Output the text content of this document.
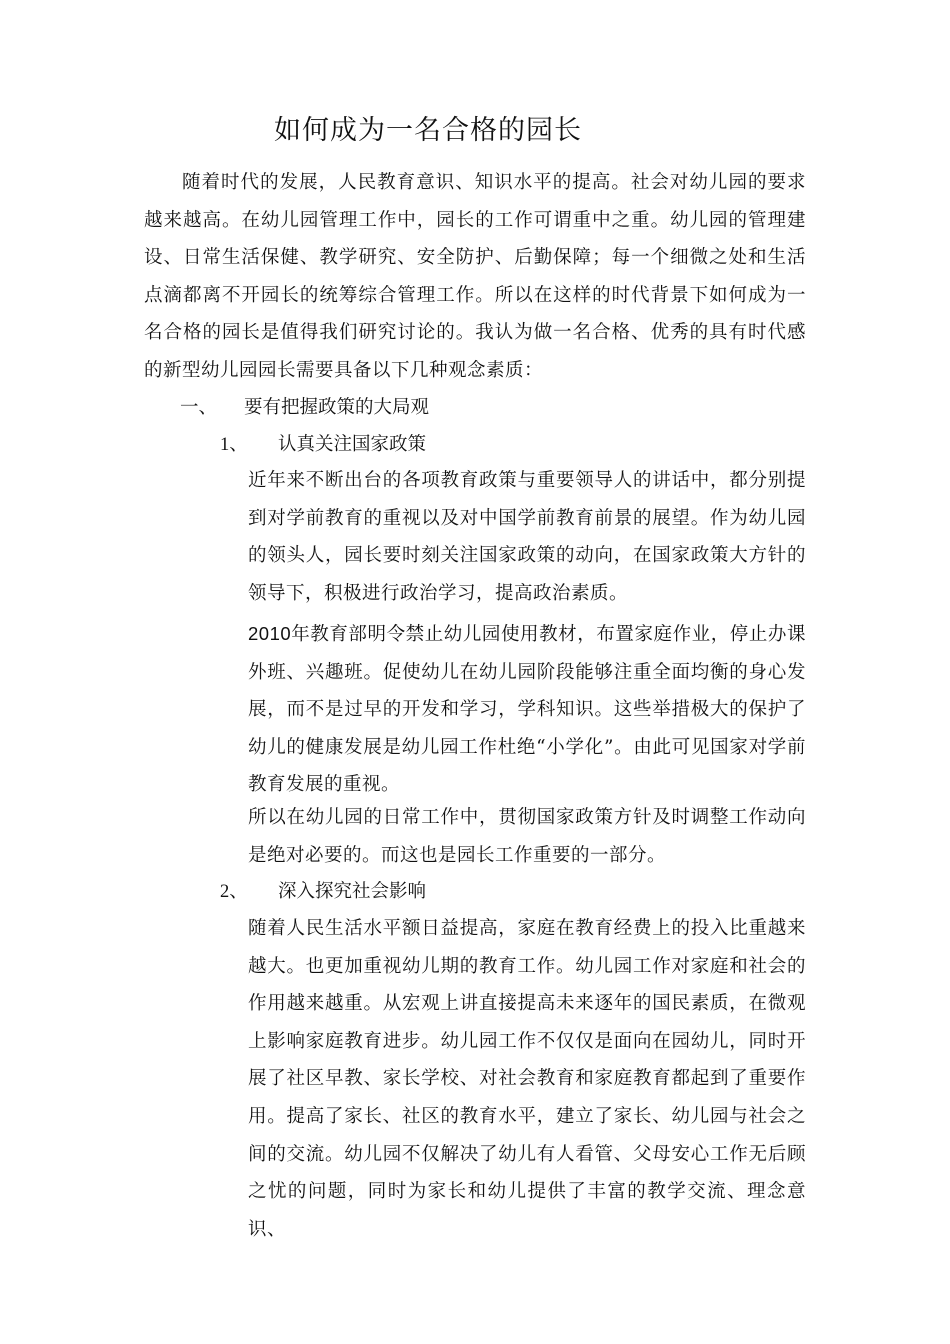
如何成为一名合格的园长

随着时代的发展，人民教育意识、知识水平的提高。社会对幼儿园的要求越来越高。在幼儿园管理工作中，园长的工作可谓重中之重。幼儿园的管理建设、日常生活保健、教学研究、安全防护、后勤保障；每一个细微之处和生活点滴都离不开园长的统筹综合管理工作。所以在这样的时代背景下如何成为一名合格的园长是值得我们研究讨论的。我认为做一名合格、优秀的具有时代感的新型幼儿园园长需要具备以下几种观念素质：

一、 要有把握政策的大局观
1、 认真关注国家政策

近年来不断出台的各项教育政策与重要领导人的讲话中，都分别提到对学前教育的重视以及对中国学前教育前景的展望。作为幼儿园的领头人，园长要时刻关注国家政策的动向，在国家政策大方针的领导下，积极进行政治学习，提高政治素质。

2010年教育部明令禁止幼儿园使用教材，布置家庭作业，停止办课外班、兴趣班。促使幼儿在幼儿园阶段能够注重全面均衡的身心发展，而不是过早的开发和学习，学科知识。这些举措极大的保护了幼儿的健康发展是幼儿园工作杜绝“小学化”。由此可见国家对学前教育发展的重视。

所以在幼儿园的日常工作中，贯彻国家政策方针及时调整工作动向是绝对必要的。而这也是园长工作重要的一部分。

2、 深入探究社会影响

随着人民生活水平额日益提高，家庭在教育经费上的投入比重越来越大。也更加重视幼儿期的教育工作。幼儿园工作对家庭和社会的作用越来越重。从宏观上讲直接提高未来逐年的国民素质，在微观上影响家庭教育进步。幼儿园工作不仅仅是面向在园幼儿，同时开展了社区早教、家长学校、对社会教育和家庭教育都起到了重要作用。提高了家长、社区的教育水平，建立了家长、幼儿园与社会之间的交流。幼儿园不仅解决了幼儿有人看管、父母安心工作无后顾之忧的问题，同时为家长和幼儿提供了丰富的教学交流、理念意识、
